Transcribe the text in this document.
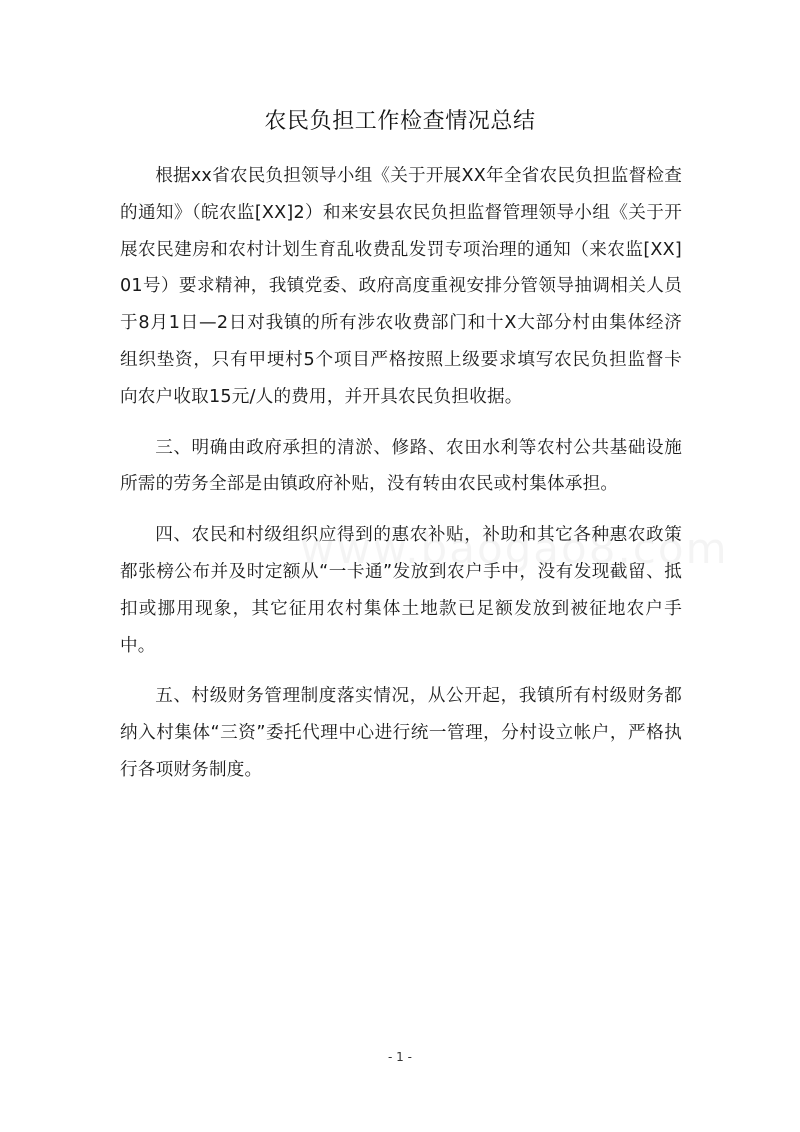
农民负担工作检查情况总结

根据xx省农民负担领导小组《关于开展XX年全省农民负担监督检查的通知》（皖农监[XX]2）和来安县农民负担监督管理领导小组《关于开展农民建房和农村计划生育乱收费乱发罚专项治理的通知（来农监[XX]01号）要求精神，我镇党委、政府高度重视安排分管领导抽调相关人员于8月1日—2日对我镇的所有涉农收费部门和十X大部分村由集体经济组织垫资，只有甲埂村5个项目严格按照上级要求填写农民负担监督卡向农户收取15元/人的费用，并开具农民负担收据。

三、明确由政府承担的清淤、修路、农田水利等农村公共基础设施所需的劳务全部是由镇政府补贴，没有转由农民或村集体承担。

四、农民和村级组织应得到的惠农补贴，补助和其它各种惠农政策都张榜公布并及时定额从“一卡通”发放到农户手中，没有发现截留、抵扣或挪用现象，其它征用农村集体土地款已足额发放到被征地农户手中。

五、村级财务管理制度落实情况，从公开起，我镇所有村级财务都纳入村集体“三资”委托代理中心进行统一管理，分村设立帐户，严格执行各项财务制度。

- 1 -
